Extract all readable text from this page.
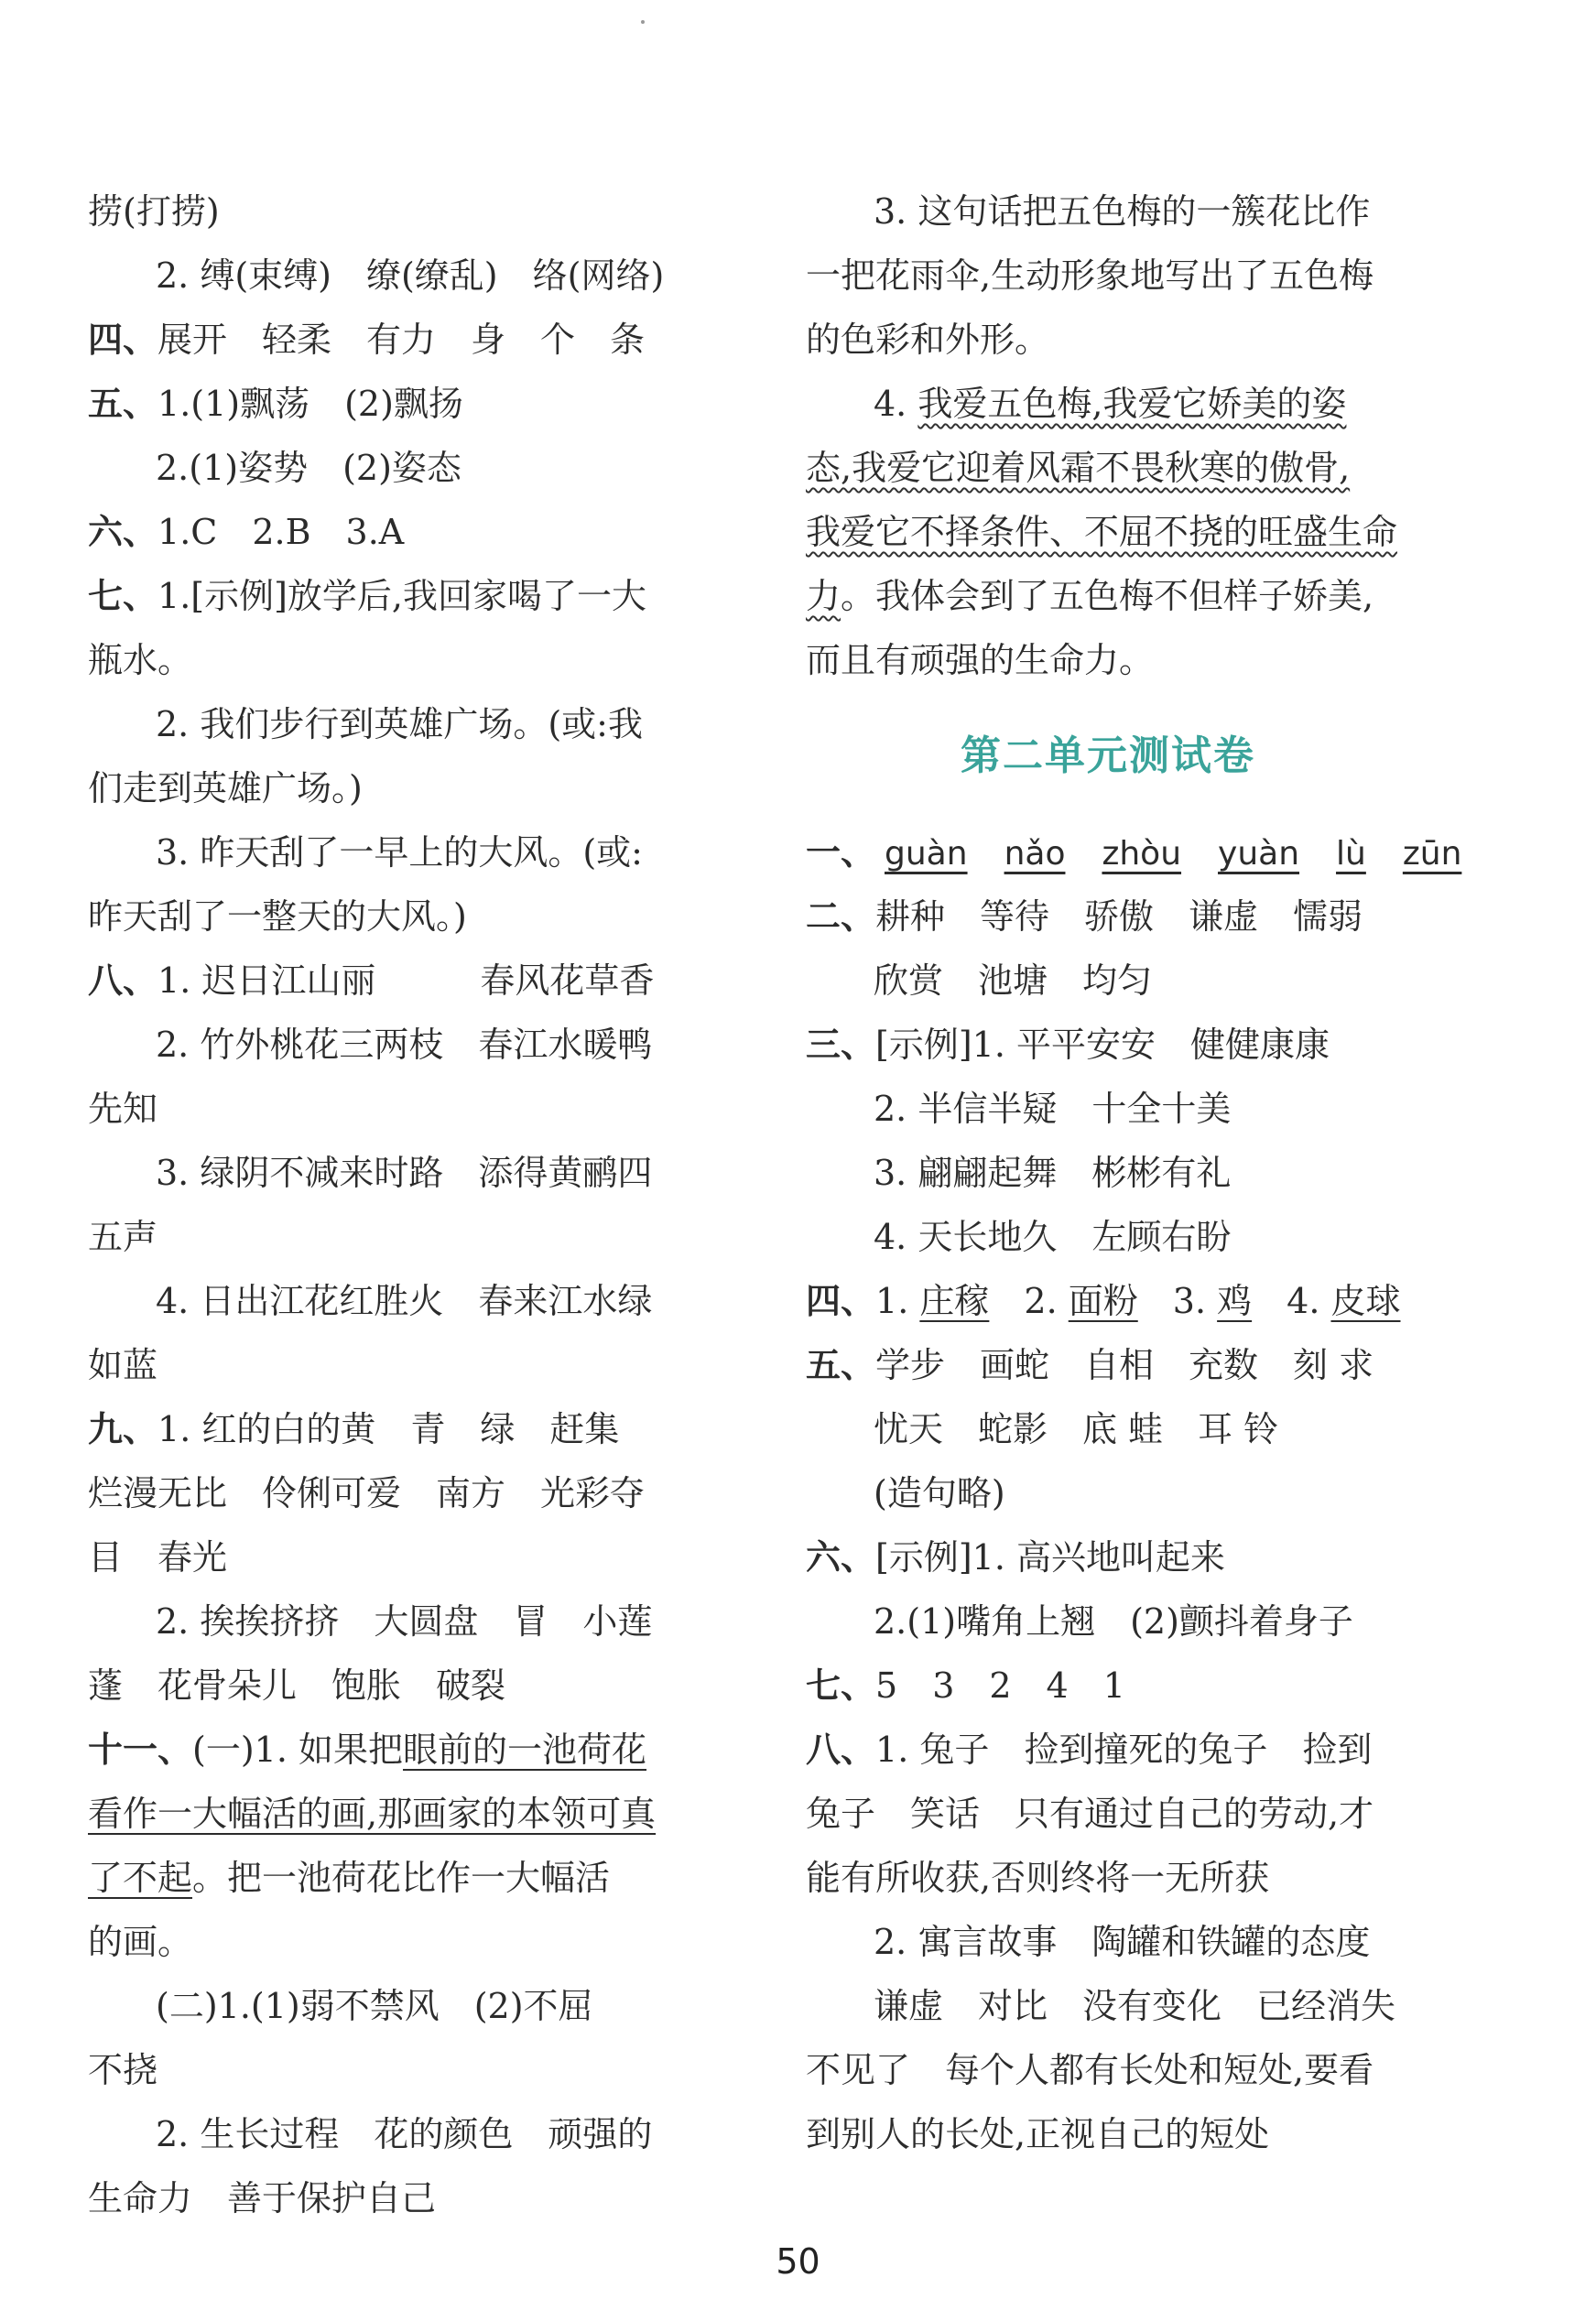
捞(打捞)
2. 缚(束缚)　缭(缭乱)　络(网络)
四、展开　轻柔　有力　身　个　条
五、1.(1)飘荡　(2)飘扬
2.(1)姿势　(2)姿态
六、1.C　2.B　3.A
七、1.[示例]放学后,我回家喝了一大
瓶水。
2. 我们步行到英雄广场。(或:我
们走到英雄广场。)
3. 昨天刮了一早上的大风。(或:
昨天刮了一整天的大风。)
八、1. 迟日江山丽　　　春风花草香
2. 竹外桃花三两枝　春江水暖鸭
先知
3. 绿阴不减来时路　添得黄鹂四
五声
4. 日出江花红胜火　春来江水绿
如蓝
九、1. 红的白的黄　青　绿　赶集
烂漫无比　伶俐可爱　南方　光彩夺
目　春光
2. 挨挨挤挤　大圆盘　冒　小莲
蓬　花骨朵儿　饱胀　破裂
十一、(一)1. 如果把眼前的一池荷花
看作一大幅活的画,那画家的本领可真
了不起。把一池荷花比作一大幅活
的画。
(二)1.(1)弱不禁风　(2)不屈
不挠
2. 生长过程　花的颜色　顽强的
生命力　善于保护自己
3. 这句话把五色梅的一簇花比作
一把花雨伞,生动形象地写出了五色梅
的色彩和外形。
4. 我爱五色梅,我爱它娇美的姿
态,我爱它迎着风霜不畏秋寒的傲骨,
我爱它不择条件、不屈不挠的旺盛生命
力。我体会到了五色梅不但样子娇美,
而且有顽强的生命力。
第二单元测试卷
一、 guàn nǎo zhòu yuàn lù zūn
二、耕种　等待　骄傲　谦虚　懦弱
欣赏　池塘　均匀
三、[示例]1. 平平安安　健健康康
2. 半信半疑　十全十美
3. 翩翩起舞　彬彬有礼
4. 天长地久　左顾右盼
四、1. 庄稼　 2. 面粉　 3. 鸡　 4. 皮球
五、学步　画蛇　自相　充数　刻 求
忧天　蛇影　底 蛙　耳 铃
(造句略)
六、[示例]1. 高兴地叫起来
2.(1)嘴角上翘　(2)颤抖着身子
七、5　3　2　4　1
八、1. 兔子　捡到撞死的兔子　捡到
兔子　笑话　只有通过自己的劳动,才
能有所收获,否则终将一无所获
2. 寓言故事　陶罐和铁罐的态度
谦虚　对比　没有变化　已经消失
不见了　每个人都有长处和短处,要看
到别人的长处,正视自己的短处
50
